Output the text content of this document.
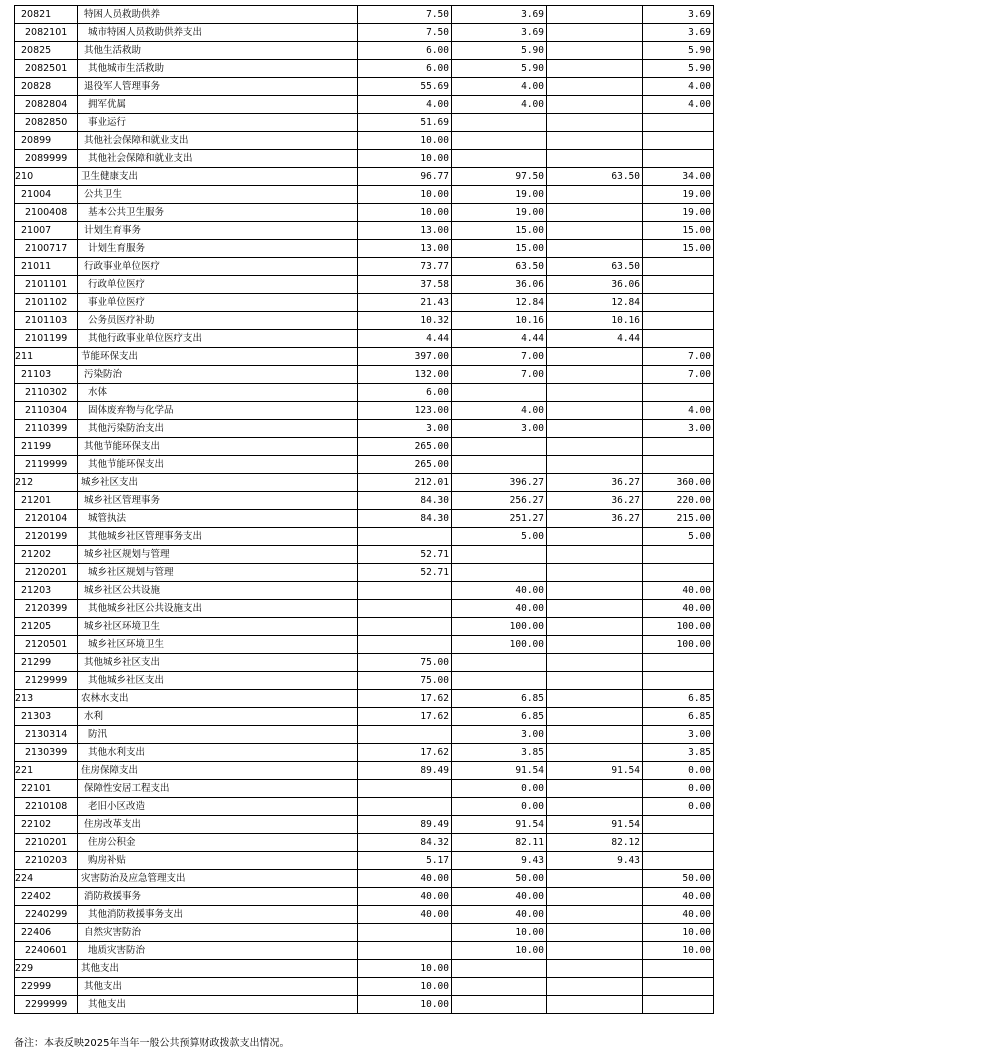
20821	特困人员救助供养	7.50	3.69		3.69
2082101	城市特困人员救助供养支出	7.50	3.69		3.69
20825	其他生活救助	6.00	5.90		5.90
2082501	其他城市生活救助	6.00	5.90		5.90
20828	退役军人管理事务	55.69	4.00		4.00
2082804	拥军优属	4.00	4.00		4.00
2082850	事业运行	51.69			
20899	其他社会保障和就业支出	10.00			
2089999	其他社会保障和就业支出	10.00			
210	卫生健康支出	96.77	97.50	63.50	34.00
21004	公共卫生	10.00	19.00		19.00
2100408	基本公共卫生服务	10.00	19.00		19.00
21007	计划生育事务	13.00	15.00		15.00
2100717	计划生育服务	13.00	15.00		15.00
21011	行政事业单位医疗	73.77	63.50	63.50	
2101101	行政单位医疗	37.58	36.06	36.06	
2101102	事业单位医疗	21.43	12.84	12.84	
2101103	公务员医疗补助	10.32	10.16	10.16	
2101199	其他行政事业单位医疗支出	4.44	4.44	4.44	
211	节能环保支出	397.00	7.00		7.00
21103	污染防治	132.00	7.00		7.00
2110302	水体	6.00			
2110304	固体废弃物与化学品	123.00	4.00		4.00
2110399	其他污染防治支出	3.00	3.00		3.00
21199	其他节能环保支出	265.00			
2119999	其他节能环保支出	265.00			
212	城乡社区支出	212.01	396.27	36.27	360.00
21201	城乡社区管理事务	84.30	256.27	36.27	220.00
2120104	城管执法	84.30	251.27	36.27	215.00
2120199	其他城乡社区管理事务支出		5.00		5.00
21202	城乡社区规划与管理	52.71			
2120201	城乡社区规划与管理	52.71			
21203	城乡社区公共设施		40.00		40.00
2120399	其他城乡社区公共设施支出		40.00		40.00
21205	城乡社区环境卫生		100.00		100.00
2120501	城乡社区环境卫生		100.00		100.00
21299	其他城乡社区支出	75.00			
2129999	其他城乡社区支出	75.00			
213	农林水支出	17.62	6.85		6.85
21303	水利	17.62	6.85		6.85
2130314	防汛		3.00		3.00
2130399	其他水利支出	17.62	3.85		3.85
221	住房保障支出	89.49	91.54	91.54	0.00
22101	保障性安居工程支出		0.00		0.00
2210108	老旧小区改造		0.00		0.00
22102	住房改革支出	89.49	91.54	91.54	
2210201	住房公积金	84.32	82.11	82.12	
2210203	购房补贴	5.17	9.43	9.43	
224	灾害防治及应急管理支出	40.00	50.00		50.00
22402	消防救援事务	40.00	40.00		40.00
2240299	其他消防救援事务支出	40.00	40.00		40.00
22406	自然灾害防治		10.00		10.00
2240601	地质灾害防治		10.00		10.00
229	其他支出	10.00			
22999	其他支出	10.00			
2299999	其他支出	10.00			
备注：本表反映2025年当年一般公共预算财政拨款支出情况。
